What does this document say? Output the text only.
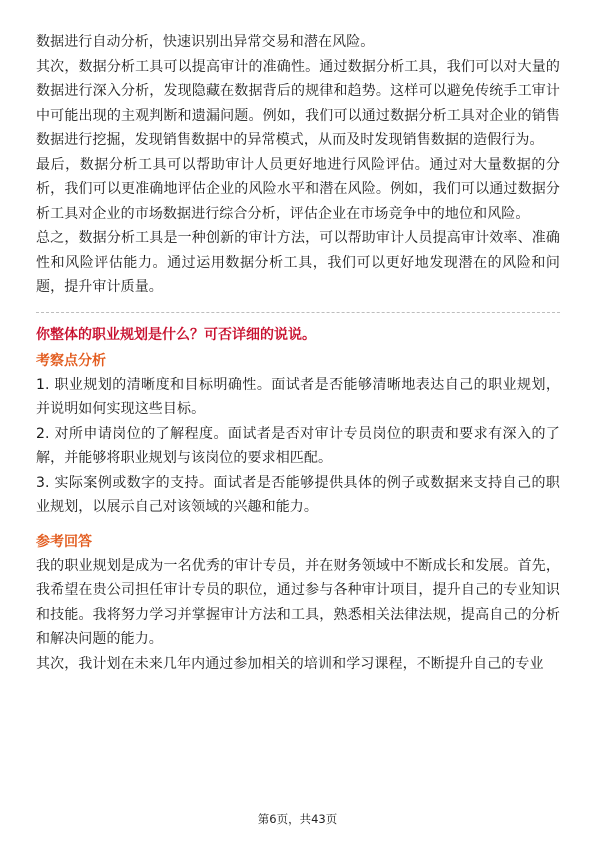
数据进行自动分析，快速识别出异常交易和潜在风险。

其次，数据分析工具可以提高审计的准确性。通过数据分析工具，我们可以对大量的数据进行深入分析，发现隐藏在数据背后的规律和趋势。这样可以避免传统手工审计中可能出现的主观判断和遗漏问题。例如，我们可以通过数据分析工具对企业的销售数据进行挖掘，发现销售数据中的异常模式，从而及时发现销售数据的造假行为。

最后，数据分析工具可以帮助审计人员更好地进行风险评估。通过对大量数据的分析，我们可以更准确地评估企业的风险水平和潜在风险。例如，我们可以通过数据分析工具对企业的市场数据进行综合分析，评估企业在市场竞争中的地位和风险。

总之，数据分析工具是一种创新的审计方法，可以帮助审计人员提高审计效率、准确性和风险评估能力。通过运用数据分析工具，我们可以更好地发现潜在的风险和问题，提升审计质量。

你整体的职业规划是什么？可否详细的说说。

考察点分析

1. 职业规划的清晰度和目标明确性。面试者是否能够清晰地表达自己的职业规划，并说明如何实现这些目标。

2. 对所申请岗位的了解程度。面试者是否对审计专员岗位的职责和要求有深入的了解，并能够将职业规划与该岗位的要求相匹配。

3. 实际案例或数字的支持。面试者是否能够提供具体的例子或数据来支持自己的职业规划，以展示自己对该领域的兴趣和能力。

参考回答

我的职业规划是成为一名优秀的审计专员，并在财务领域中不断成长和发展。首先，我希望在贵公司担任审计专员的职位，通过参与各种审计项目，提升自己的专业知识和技能。我将努力学习并掌握审计方法和工具，熟悉相关法律法规，提高自己的分析和解决问题的能力。

其次，我计划在未来几年内通过参加相关的培训和学习课程，不断提升自己的专业

第6页，共43页
